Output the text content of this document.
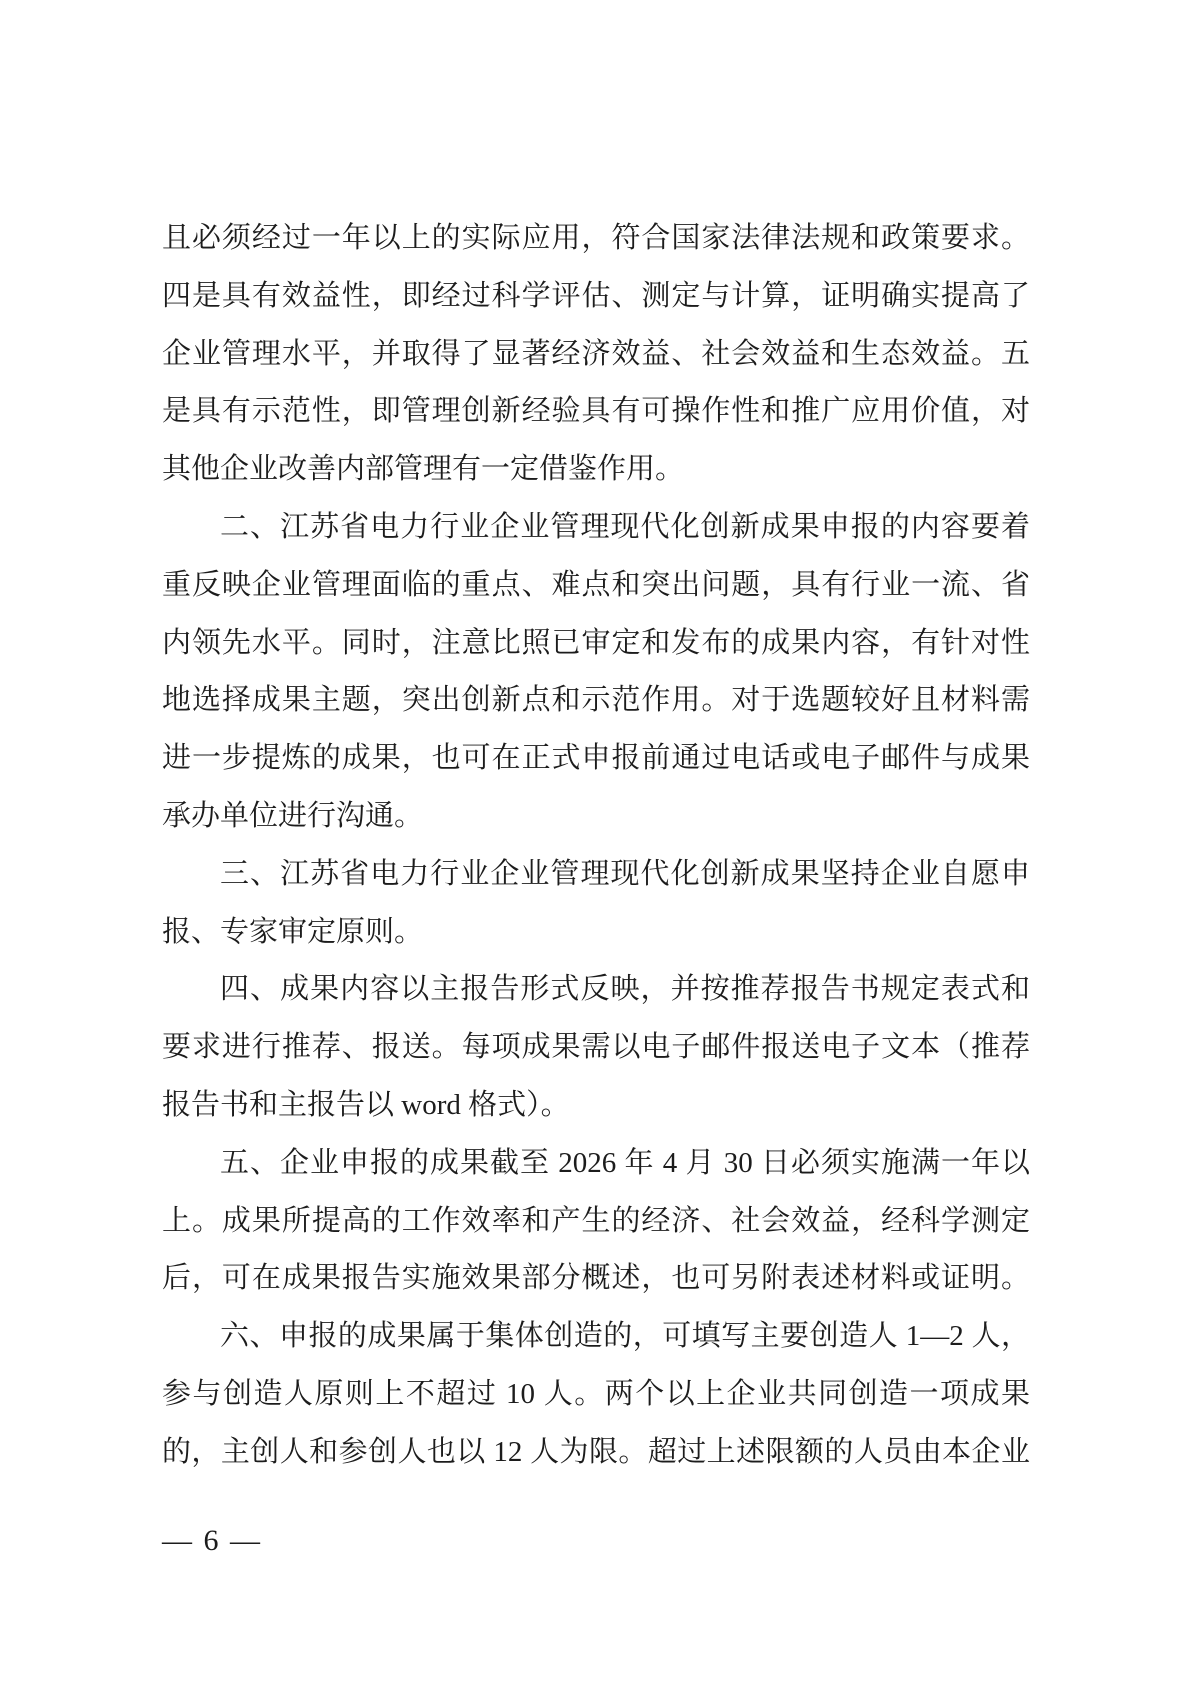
且必须经过一年以上的实际应用，符合国家法律法规和政策要求。
四是具有效益性，即经过科学评估、测定与计算，证明确实提高了
企业管理水平，并取得了显著经济效益、社会效益和生态效益。五
是具有示范性，即管理创新经验具有可操作性和推广应用价值，对
其他企业改善内部管理有一定借鉴作用。
二、江苏省电力行业企业管理现代化创新成果申报的内容要着
重反映企业管理面临的重点、难点和突出问题，具有行业一流、省
内领先水平。同时，注意比照已审定和发布的成果内容，有针对性
地选择成果主题，突出创新点和示范作用。对于选题较好且材料需
进一步提炼的成果，也可在正式申报前通过电话或电子邮件与成果
承办单位进行沟通。
三、江苏省电力行业企业管理现代化创新成果坚持企业自愿申
报、专家审定原则。
四、成果内容以主报告形式反映，并按推荐报告书规定表式和
要求进行推荐、报送。每项成果需以电子邮件报送电子文本（推荐
报告书和主报告以 word 格式）。
五、企业申报的成果截至 2026 年 4 月 30 日必须实施满一年以
上。成果所提高的工作效率和产生的经济、社会效益，经科学测定
后，可在成果报告实施效果部分概述，也可另附表述材料或证明。
六、申报的成果属于集体创造的，可填写主要创造人 1—2 人，
参与创造人原则上不超过 10 人。两个以上企业共同创造一项成果
的，主创人和参创人也以 12 人为限。超过上述限额的人员由本企业
— 6 —
